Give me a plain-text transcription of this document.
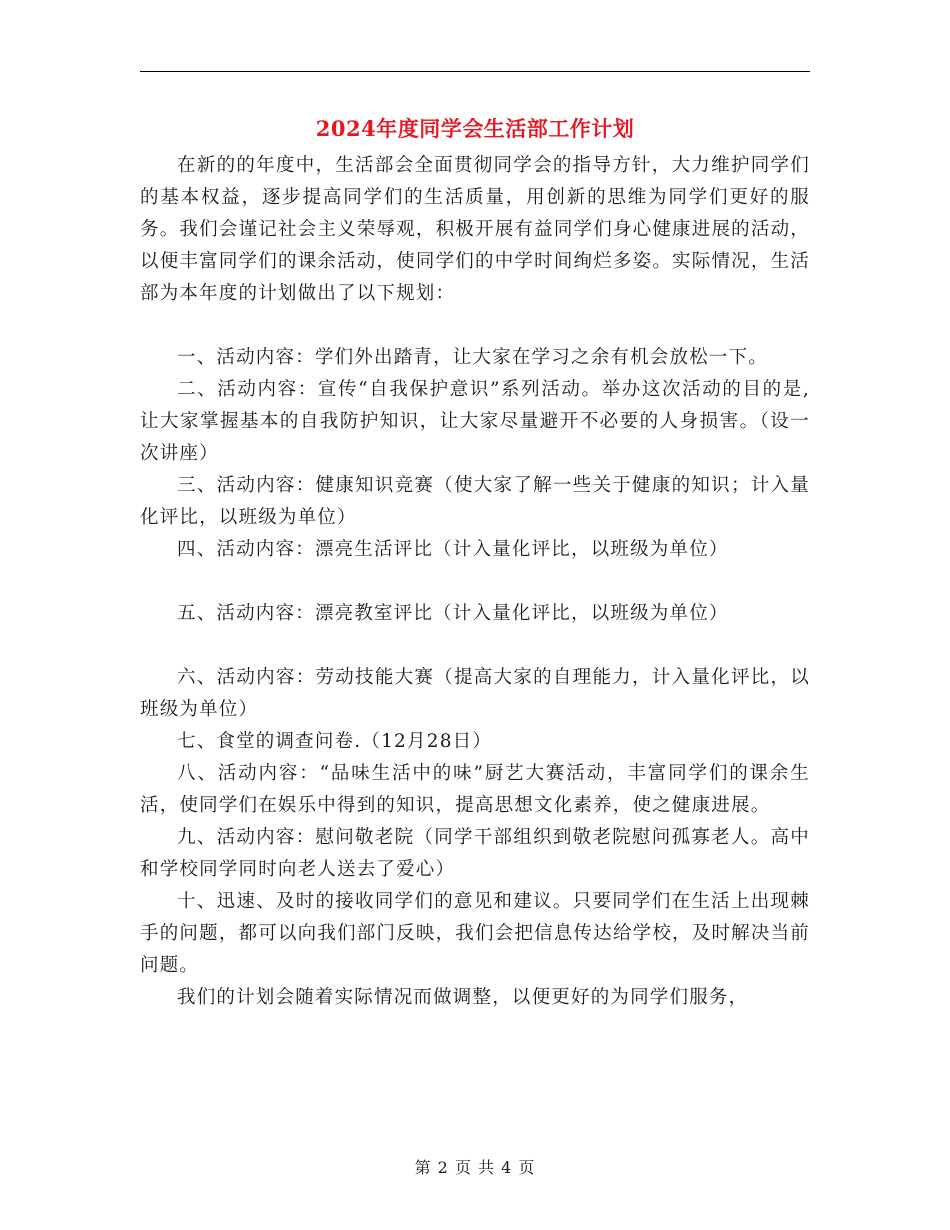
2024年度同学会生活部工作计划

在新的的年度中，生活部会全面贯彻同学会的指导方针，大力维护同学们的基本权益，逐步提高同学们的生活质量，用创新的思维为同学们更好的服务。我们会谨记社会主义荣辱观，积极开展有益同学们身心健康进展的活动，以便丰富同学们的课余活动，使同学们的中学时间绚烂多姿。实际情况，生活部为本年度的计划做出了以下规划：

一、活动内容：学们外出踏青，让大家在学习之余有机会放松一下。

二、活动内容：宣传“自我保护意识”系列活动。举办这次活动的目的是,让大家掌握基本的自我防护知识，让大家尽量避开不必要的人身损害。（设一次讲座）

三、活动内容：健康知识竞赛（使大家了解一些关于健康的知识；计入量化评比，以班级为单位）

四、活动内容：漂亮生活评比（计入量化评比，以班级为单位）

五、活动内容：漂亮教室评比（计入量化评比，以班级为单位）

六、活动内容：劳动技能大赛（提高大家的自理能力，计入量化评比，以班级为单位）

七、食堂的调查问卷.（12月28日）

八、活动内容：“品味生活中的味”厨艺大赛活动，丰富同学们的课余生活，使同学们在娱乐中得到的知识，提高思想文化素养，使之健康进展。

九、活动内容：慰问敬老院（同学干部组织到敬老院慰问孤寡老人。高中和学校同学同时向老人送去了爱心）

十、迅速、及时的接收同学们的意见和建议。只要同学们在生活上出现棘手的问题，都可以向我们部门反映，我们会把信息传达给学校，及时解决当前问题。

我们的计划会随着实际情况而做调整，以便更好的为同学们服务，

第 2 页 共 4 页
